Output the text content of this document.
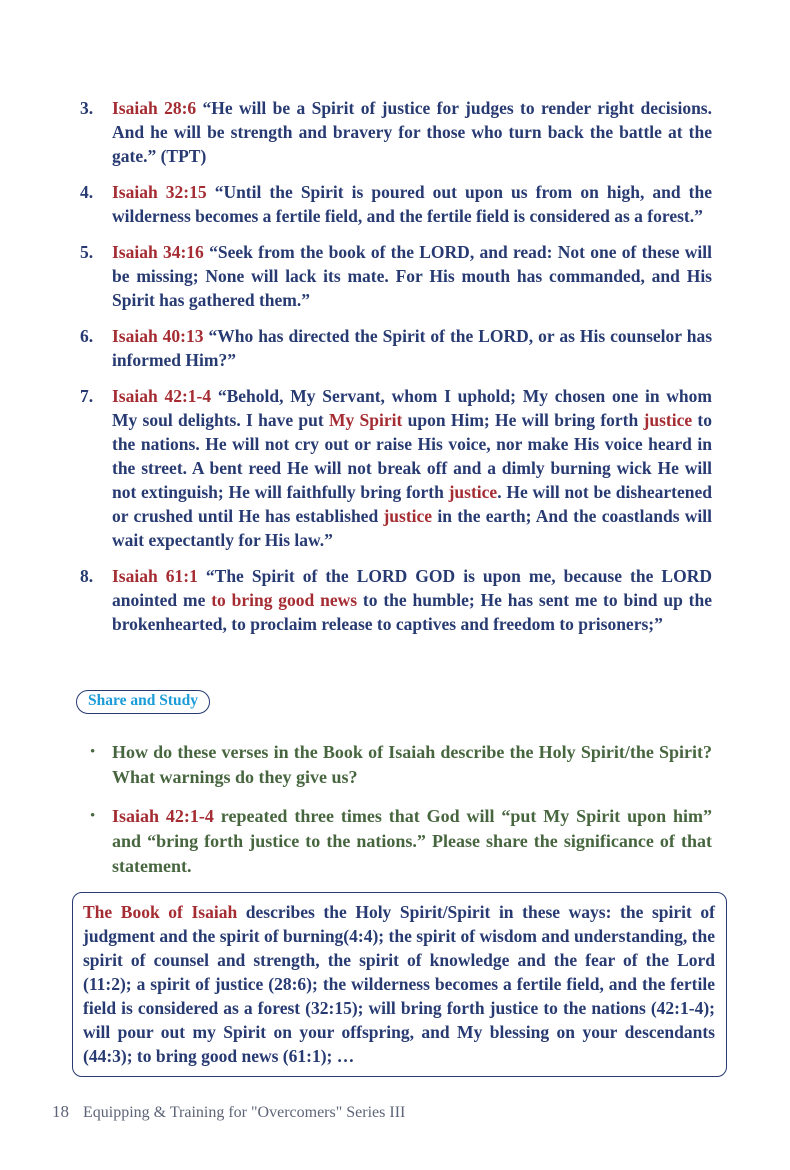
3.	Isaiah 28:6 “He will be a Spirit of justice for judges to render right decisions. And he will be strength and bravery for those who turn back the battle at the gate.” (TPT)

4.	Isaiah 32:15 “Until the Spirit is poured out upon us from on high, and the wilderness becomes a fertile field, and the fertile field is considered as a forest.”

5.	Isaiah 34:16 “Seek from the book of the LORD, and read: Not one of these will be missing; None will lack its mate. For His mouth has commanded, and His Spirit has gathered them.”

6.	Isaiah 40:13 “Who has directed the Spirit of the LORD, or as His counselor has informed Him?”

7.	Isaiah 42:1-4 “Behold, My Servant, whom I uphold; My chosen one in whom My soul delights. I have put My Spirit upon Him; He will bring forth justice to the nations. He will not cry out or raise His voice, nor make His voice heard in the street. A bent reed He will not break off and a dimly burning wick He will not extinguish; He will faithfully bring forth justice. He will not be disheartened or crushed until He has established justice in the earth; And the coastlands will wait expectantly for His law.”

8.	Isaiah 61:1 “The Spirit of the LORD GOD is upon me, because the LORD anointed me to bring good news to the humble; He has sent me to bind up the brokenhearted, to proclaim release to captives and freedom to prisoners;”

Share and Study
• How do these verses in the Book of Isaiah describe the Holy Spirit/the Spirit? What warnings do they give us?

• Isaiah 42:1-4 repeated three times that God will “put My Spirit upon him” and “bring forth justice to the nations.” Please share the significance of that statement.

The Book of Isaiah describes the Holy Spirit/Spirit in these ways: the spirit of judgment and the spirit of burning(4:4); the spirit of wisdom and understanding, the spirit of counsel and strength, the spirit of knowledge and the fear of the Lord (11:2); a spirit of justice (28:6); the wilderness becomes a fertile field, and the fertile field is considered as a forest (32:15); will bring forth justice to the nations (42:1-4); will pour out my Spirit on your offspring, and My blessing on your descendants (44:3); to bring good news (61:1); …

18 Equipping & Training for "Overcomers" Series III
